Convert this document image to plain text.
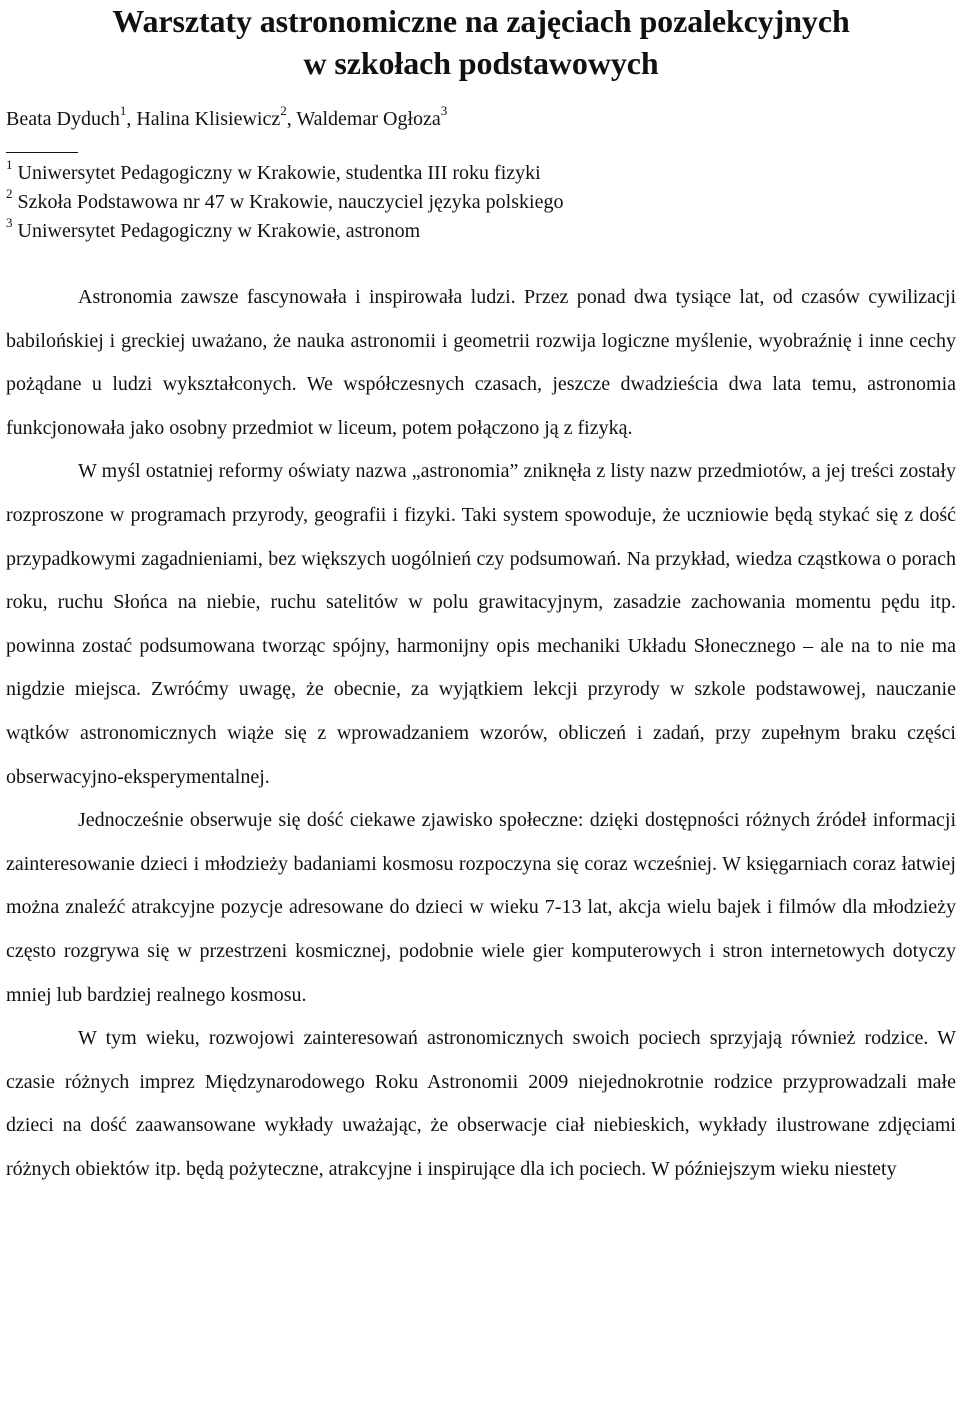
Warsztaty astronomiczne na zajęciach pozalekcyjnych
w szkołach podstawowych
Beata Dyduch$^1$, Halina Klisiewicz$^2$, Waldemar Ogłoza$^3$
$^1$ Uniwersytet Pedagogiczny w Krakowie, studentka III roku fizyki
$^2$ Szkoła Podstawowa nr 47 w Krakowie, nauczyciel języka polskiego
$^3$ Uniwersytet Pedagogiczny w Krakowie, astronom

Astronomia zawsze fascynowała i inspirowała ludzi. Przez ponad dwa tysiące lat, od czasów cywilizacji babilońskiej i greckiej uważano, że nauka astronomii i geometrii rozwija logiczne myślenie, wyobraźnię i inne cechy pożądane u ludzi wykształconych. We współczesnych czasach, jeszcze dwadzieścia dwa lata temu, astronomia funkcjonowała jako osobny przedmiot w liceum, potem połączono ją z fizyką.

W myśl ostatniej reformy oświaty nazwa „astronomia” zniknęła z listy nazw przedmiotów, a jej treści zostały rozproszone w programach przyrody, geografii i fizyki. Taki system spowoduje, że uczniowie będą stykać się z dość przypadkowymi zagadnieniami, bez większych uogólnień czy podsumowań. Na przykład, wiedza cząstkowa o porach roku, ruchu Słońca na niebie, ruchu satelitów w polu grawitacyjnym, zasadzie zachowania momentu pędu itp. powinna zostać podsumowana tworząc spójny, harmonijny opis mechaniki Układu Słonecznego – ale na to nie ma nigdzie miejsca. Zwróćmy uwagę, że obecnie, za wyjątkiem lekcji przyrody w szkole podstawowej, nauczanie wątków astronomicznych wiąże się z wprowadzaniem wzorów, obliczeń i zadań, przy zupełnym braku części obserwacyjno-eksperymentalnej.

Jednocześnie obserwuje się dość ciekawe zjawisko społeczne: dzięki dostępności różnych źródeł informacji zainteresowanie dzieci i młodzieży badaniami kosmosu rozpoczyna się coraz wcześniej. W księgarniach coraz łatwiej można znaleźć atrakcyjne pozycje adresowane do dzieci w wieku 7-13 lat, akcja wielu bajek i filmów dla młodzieży często rozgrywa się w przestrzeni kosmicznej, podobnie wiele gier komputerowych i stron internetowych dotyczy mniej lub bardziej realnego kosmosu.

W tym wieku, rozwojowi zainteresowań astronomicznych swoich pociech sprzyjają również rodzice. W czasie różnych imprez Międzynarodowego Roku Astronomii 2009 niejednokrotnie rodzice przyprowadzali małe dzieci na dość zaawansowane wykłady uważając, że obserwacje ciał niebieskich, wykłady ilustrowane zdjęciami różnych obiektów itp. będą pożyteczne, atrakcyjne i inspirujące dla ich pociech. W późniejszym wieku niestety
